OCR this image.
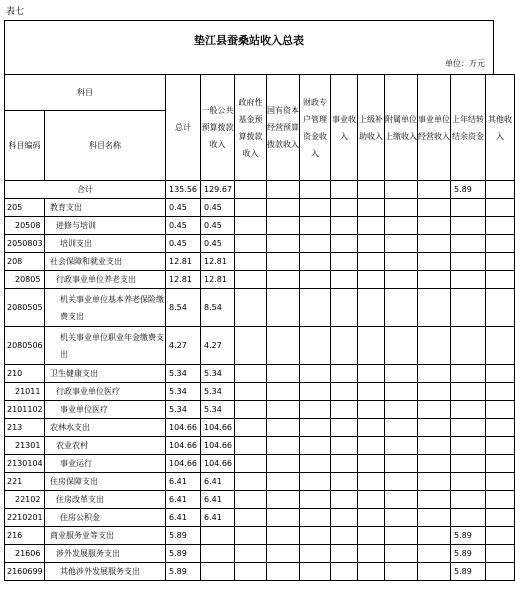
表七
垫江县蚕桑站收入总表
单位：万元
科目		总计	一般公共预算拨款收入	政府性基金预算拨款收入	国有资本经营预算拨款收入	财政专户管理资金收入	事业收入	上级补助收入	附属单位上缴收入	事业单位经营收入	上年结转结余资金	其他收入
科目编码	科目名称											
合计		135.56	129.67								5.89	
205	教育支出	0.45	0.45									
20508	进修与培训	0.45	0.45									
2050803	培训支出	0.45	0.45									
208	社会保障和就业支出	12.81	12.81									
20805	行政事业单位养老支出	12.81	12.81									
2080505	机关事业单位基本养老保险缴费支出	8.54	8.54									
2080506	机关事业单位职业年金缴费支出	4.27	4.27									
210	卫生健康支出	5.34	5.34									
21011	行政事业单位医疗	5.34	5.34									
2101102	事业单位医疗	5.34	5.34									
213	农林水支出	104.66	104.66									
21301	农业农村	104.66	104.66									
2130104	事业运行	104.66	104.66									
221	住房保障支出	6.41	6.41									
22102	住房改革支出	6.41	6.41									
2210201	住房公积金	6.41	6.41									
216	商业服务业等支出	5.89									5.89	
21606	涉外发展服务支出	5.89									5.89	
2160699	其他涉外发展服务支出	5.89									5.89	
